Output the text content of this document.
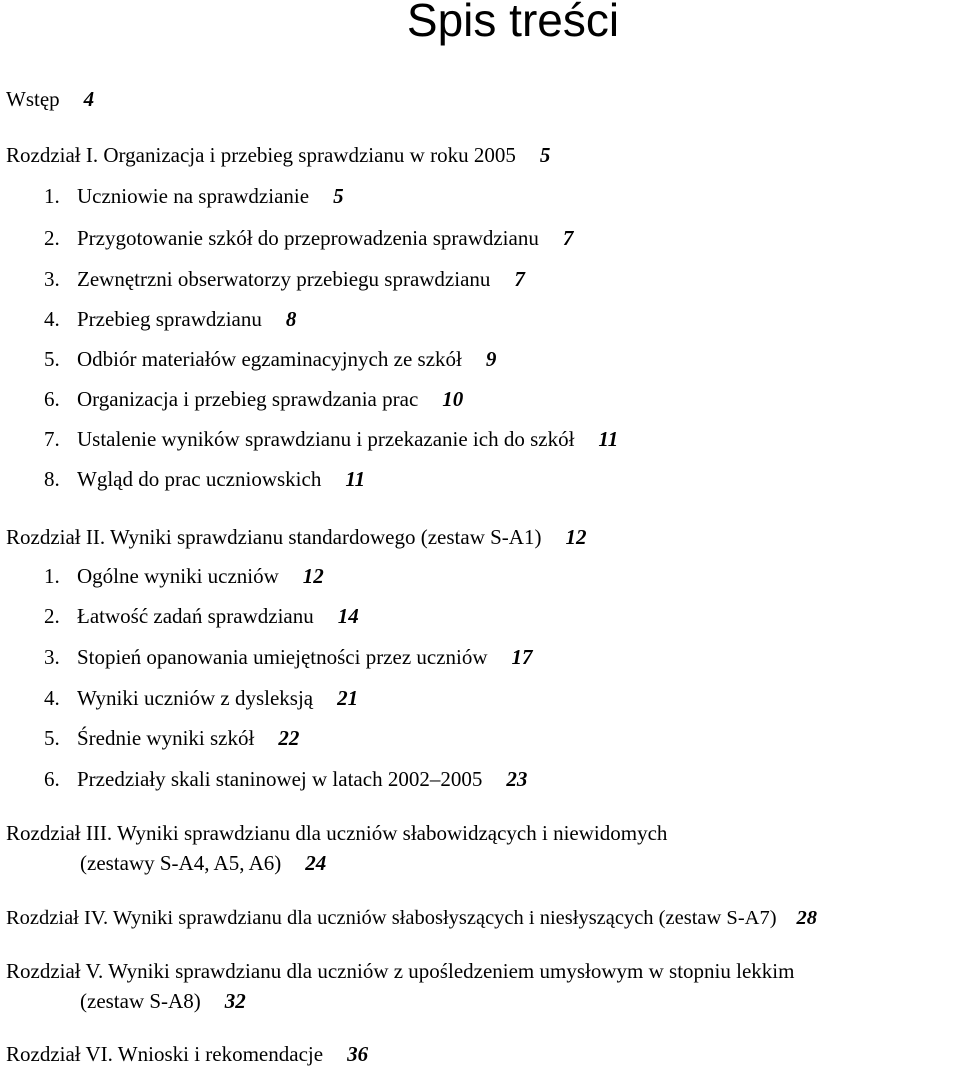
Spis treści
Wstęp 4
Rozdział I. Organizacja i przebieg sprawdzianu w roku 2005 5
1. Uczniowie na sprawdzianie 5
2. Przygotowanie szkół do przeprowadzenia sprawdzianu 7
3. Zewnętrzni obserwatorzy przebiegu sprawdzianu 7
4. Przebieg sprawdzianu 8
5. Odbiór materiałów egzaminacyjnych ze szkół 9
6. Organizacja i przebieg sprawdzania prac 10
7. Ustalenie wyników sprawdzianu i przekazanie ich do szkół 11
8. Wgląd do prac uczniowskich 11
Rozdział II. Wyniki sprawdzianu standardowego (zestaw S-A1) 12
1. Ogólne wyniki uczniów 12
2. Łatwość zadań sprawdzianu 14
3. Stopień opanowania umiejętności przez uczniów 17
4. Wyniki uczniów z dysleksją 21
5. Średnie wyniki szkół 22
6. Przedziały skali staninowej w latach 2002–2005 23
Rozdział III. Wyniki sprawdzianu dla uczniów słabowidzących i niewidomych
(zestawy S-A4, A5, A6) 24
Rozdział IV. Wyniki sprawdzianu dla uczniów słabosłyszących i niesłyszących (zestaw S-A7) 28
Rozdział V. Wyniki sprawdzianu dla uczniów z upośledzeniem umysłowym w stopniu lekkim
(zestaw S-A8) 32
Rozdział VI. Wnioski i rekomendacje 36
